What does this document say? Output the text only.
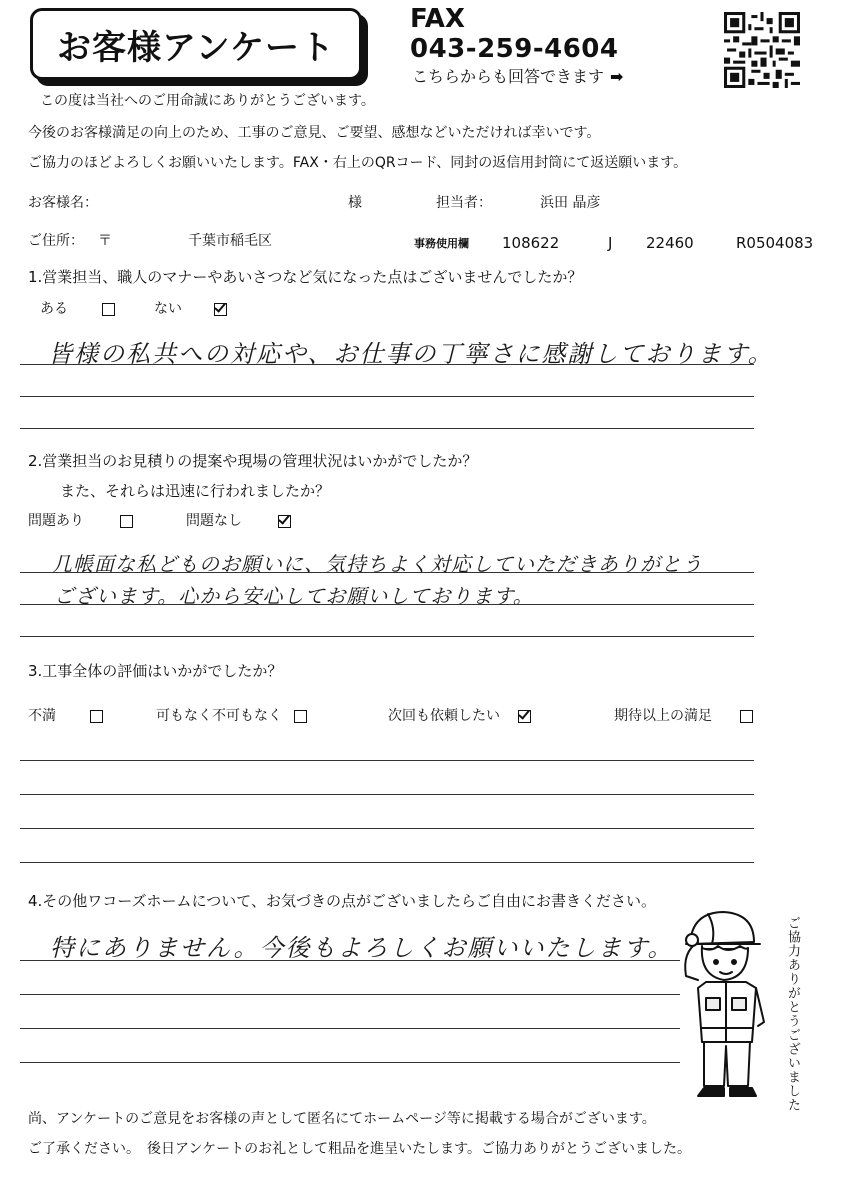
お客様アンケート
FAX
043-259-4604
こちらからも回答できます ➡
この度は当社へのご用命誠にありがとうございます。
今後のお客様満足の向上のため、工事のご意見、ご要望、感想などいただければ幸いです。
ご協力のほどよろしくお願いいたします。FAX・右上のQRコード、同封の返信用封筒にて返送願います。
お客様名：	様	担当者：	浜田 晶彦
ご住所： 〒	千葉市稲毛区	事務使用欄 108622	J 22460	R0504083
1.営業担当、職人のマナーやあいさつなど気になった点はございませんでしたか？
ある	ない
皆様の私共への対応や、お仕事の丁寧さに感謝しております。
2.営業担当のお見積りの提案や現場の管理状況はいかがでしたか？
また、それらは迅速に行われましたか？
問題あり	問題なし
几帳面な私どものお願いに、気持ちよく対応していただきありがとう
ございます。心から安心してお願いしております。
3.工事全体の評価はいかがでしたか？
不満	可もなく不可もなく	次回も依頼したい	期待以上の満足
4.その他ワコーズホームについて、お気づきの点がございましたらご自由にお書きください。
特にありません。今後もよろしくお願いいたします。	ご協力ありがとうございました
尚、アンケートのご意見をお客様の声として匿名にてホームページ等に掲載する場合がございます。
ご了承ください。　後日アンケートのお礼として粗品を進呈いたします。ご協力ありがとうございました。
